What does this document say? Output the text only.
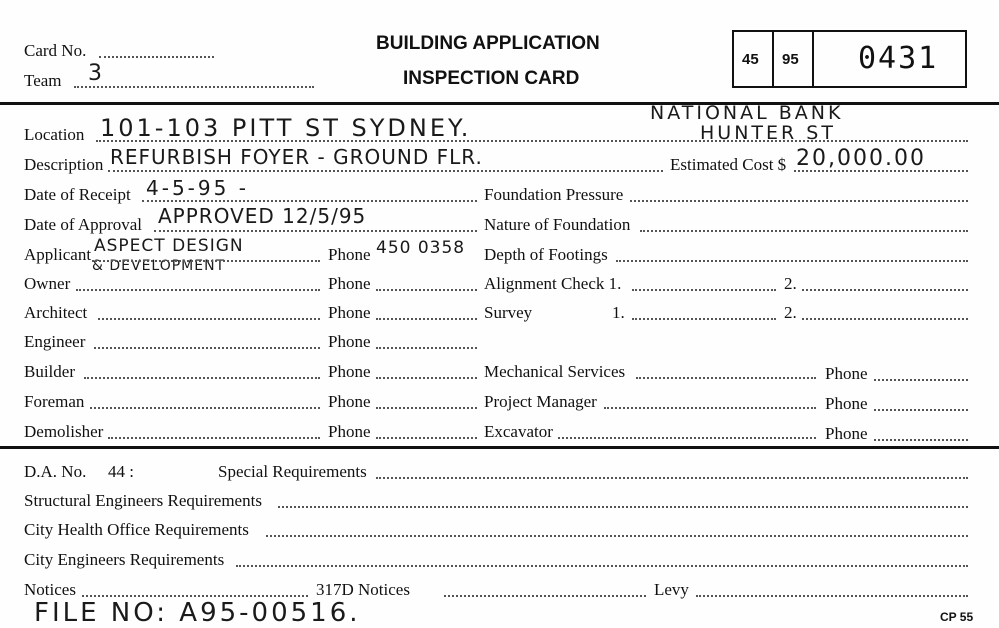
Card No.
Team 3
BUILDING APPLICATION
INSPECTION CARD
45 95 0431
Location 101-103 PITT ST SYDNEY.
NATIONAL BANK
HUNTER ST
Description REFURBISH FOYER - GROUND FLR.	Estimated Cost $ 20,000.00
Date of Receipt 4-5-95 -	Foundation Pressure
Date of Approval APPROVED 12/5/95	Nature of Foundation
Applicant ASPECT DESIGN
& DEVELOPMENT
Phone 450 0358 Depth of Footings
Owner	Phone	Alignment Check 1.	2.
Architect	Phone	Survey	1.	2.
Engineer	Phone
Builder	Phone	Mechanical Services	Phone
Foreman	Phone	Project Manager	Phone
Demolisher	Phone	Excavator	Phone
D.A. No. 44 :	Special Requirements
Structural Engineers Requirements
City Health Office Requirements
City Engineers Requirements
Notices	317D Notices	Levy
FILE NO: A95-00516.	CP 55
